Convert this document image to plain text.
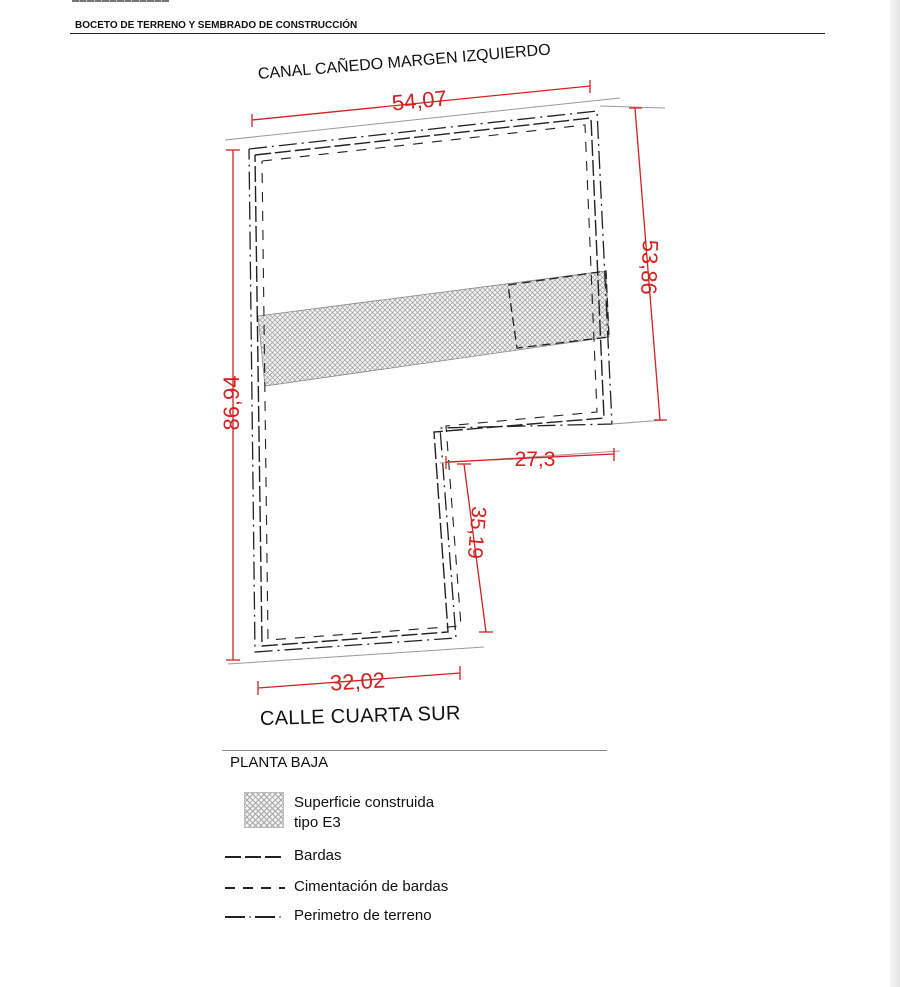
▬▬▬▬▬▬▬▬▬▬▬▬▬
BOCETO DE TERRENO Y SEMBRADO DE CONSTRUCCIÓN
54,07
86,94
53,86
27,3
35,19
32,02
CANAL CAÑEDO MARGEN IZQUIERDO
CALLE CUARTA SUR
PLANTA BAJA
Superficie construida
tipo E3
Bardas
Cimentación de bardas
Perimetro de terreno
